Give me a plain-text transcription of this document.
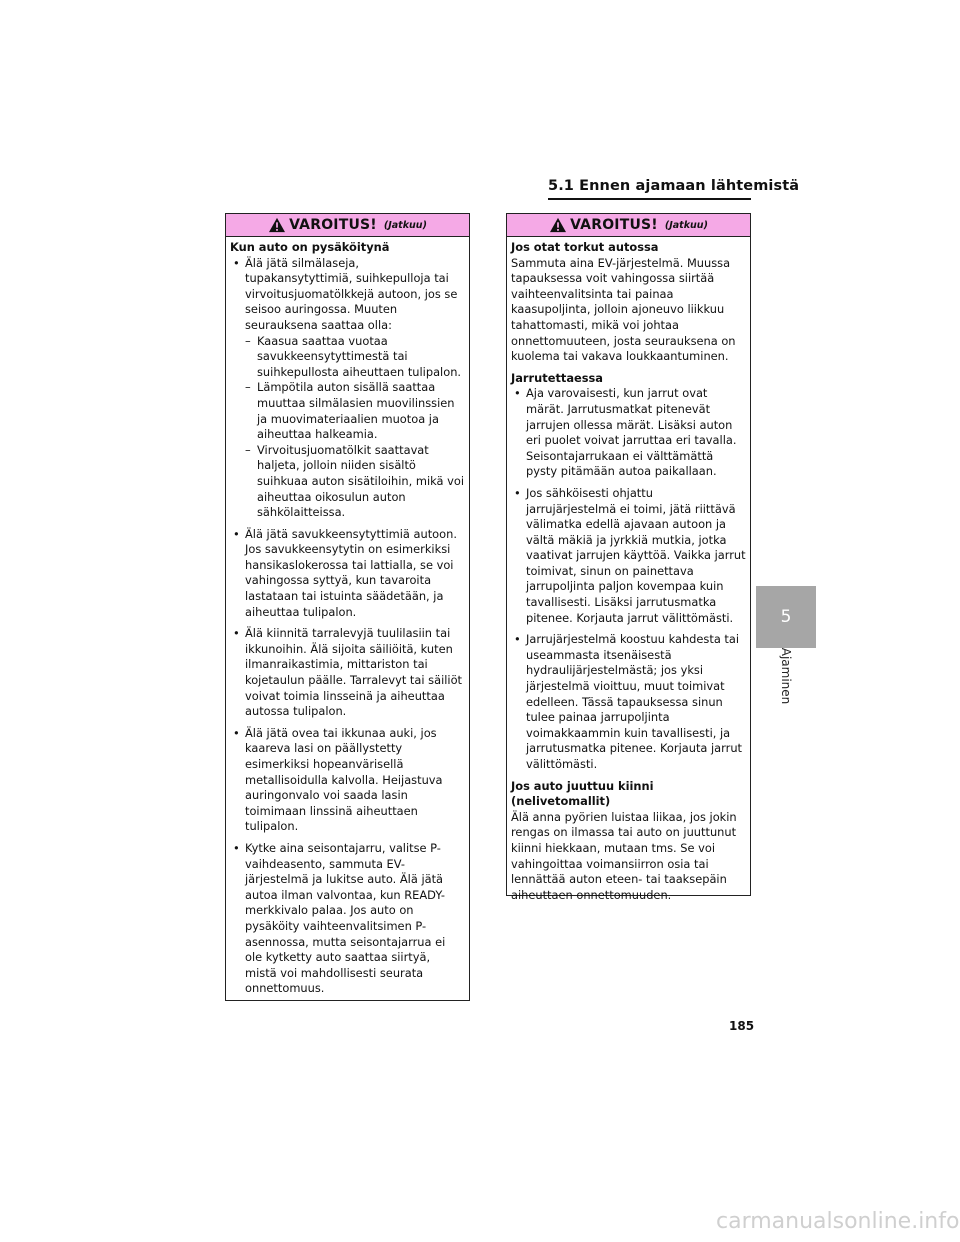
5.1 Ennen ajamaan lähtemistä
VAROITUS! (Jatkuu)

Kun auto on pysäköitynä

• Älä jätä silmälaseja, tupakansytyttimiä, suihkepulloja tai virvoitusjuomatölkkejä autoon, jos se seisoo auringossa. Muuten seurauksena saattaa olla:
– Kaasua saattaa vuotaa savukkeensytyttimestä tai suihkepullosta aiheuttaen tulipalon.
– Lämpötila auton sisällä saattaa muuttaa silmälasien muovilinssien ja muovimateriaalien muotoa ja aiheuttaa halkeamia.
– Virvoitusjuomatölkit saattavat haljeta, jolloin niiden sisältö suihkuaa auton sisätiloihin, mikä voi aiheuttaa oikosulun auton sähkölaitteissa.
• Älä jätä savukkeensytyttimiä autoon. Jos savukkeensytytin on esimerkiksi hansikaslokerossa tai lattialla, se voi vahingossa syttyä, kun tavaroita lastataan tai istuinta säädetään, ja aiheuttaa tulipalon.
• Älä kiinnitä tarralevyjä tuulilasiin tai ikkunoihin. Älä sijoita säiliöitä, kuten ilmanraikastimia, mittariston tai kojetaulun päälle. Tarralevyt tai säiliöt voivat toimia linsseinä ja aiheuttaa autossa tulipalon.
• Älä jätä ovea tai ikkunaa auki, jos kaareva lasi on päällystetty esimerkiksi hopeanvärisellä metallisoidulla kalvolla. Heijastuva auringonvalo voi saada lasin toimimaan linssinä aiheuttaen tulipalon.
• Kytke aina seisontajarru, valitse P-vaihdeasento, sammuta EV-järjestelmä ja lukitse auto. Älä jätä autoa ilman valvontaa, kun READY-merkkivalo palaa. Jos auto on pysäköity vaihteenvalitsimen P-asennossa, mutta seisontajarrua ei ole kytketty auto saattaa siirtyä, mistä voi mahdollisesti seurata onnettomuus.
VAROITUS! (Jatkuu)

Jos otat torkut autossa

Sammuta aina EV-järjestelmä. Muussa tapauksessa voit vahingossa siirtää vaihteenvalitsinta tai painaa kaasupoljinta, jolloin ajoneuvo liikkuu tahattomasti, mikä voi johtaa onnettomuuteen, josta seurauksena on kuolema tai vakava loukkaantuminen.

Jarrutettaessa

• Aja varovaisesti, kun jarrut ovat märät. Jarrutusmatkat pitenevät jarrujen ollessa märät. Lisäksi auton eri puolet voivat jarruttaa eri tavalla. Seisontajarrukaan ei välttämättä pysty pitämään autoa paikallaan.
• Jos sähköisesti ohjattu jarrujärjestelmä ei toimi, jätä riittävä välimatka edellä ajavaan autoon ja vältä mäkiä ja jyrkkiä mutkia, jotka vaativat jarrujen käyttöä. Vaikka jarrut toimivat, sinun on painettava jarrupoljinta paljon kovempaa kuin tavallisesti. Lisäksi jarrutusmatka pitenee. Korjauta jarrut välittömästi.
• Jarrujärjestelmä koostuu kahdesta tai useammasta itsenäisestä hydraulijärjestelmästä; jos yksi järjestelmä vioittuu, muut toimivat edelleen. Tässä tapauksessa sinun tulee painaa jarrupoljinta voimakkaammin kuin tavallisesti, ja jarrutusmatka pitenee. Korjauta jarrut välittömästi.

Jos auto juuttuu kiinni (nelivetomallit)

Älä anna pyörien luistaa liikaa, jos jokin rengas on ilmassa tai auto on juuttunut kiinni hiekkaan, mutaan tms. Se voi vahingoittaa voimansiirron osia tai lennättää auton eteen- tai taaksepäin aiheuttaen onnettomuuden.

5
Ajaminen
185
carmanualsonline.info
